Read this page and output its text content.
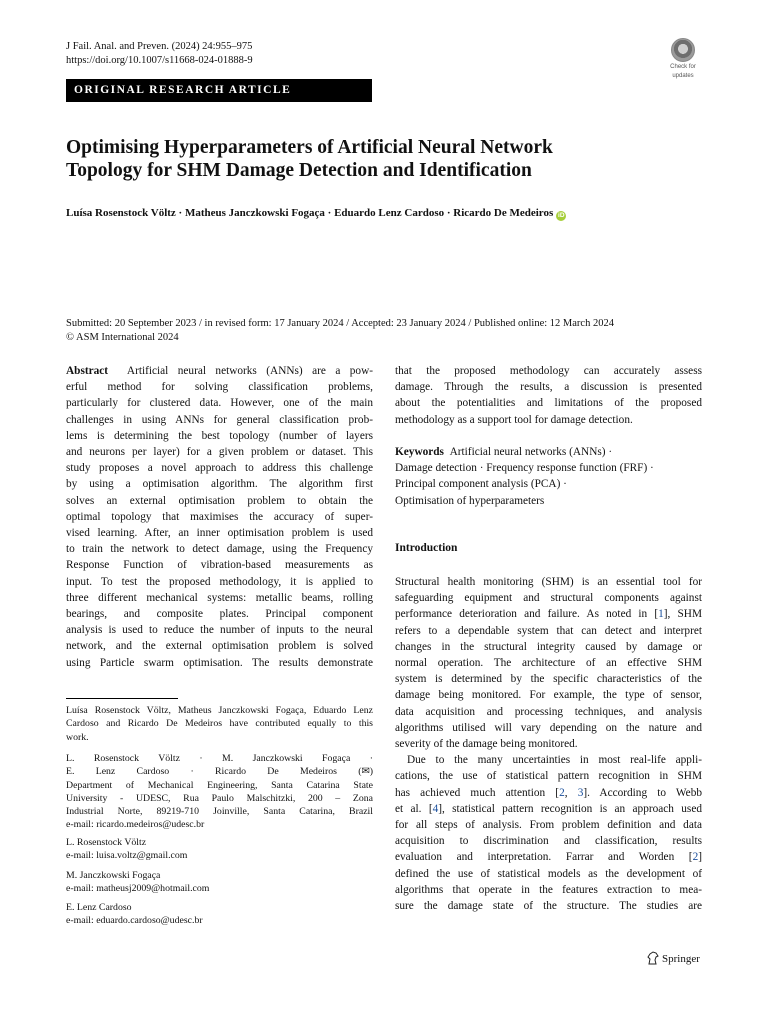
J Fail. Anal. and Preven. (2024) 24:955–975
https://doi.org/10.1007/s11668-024-01888-9
ORIGINAL RESEARCH ARTICLE
Check for
updates
Optimising Hyperparameters of Artificial Neural Network
Topology for SHM Damage Detection and Identification
Luísa Rosenstock Völtz · Matheus Janczkowski Fogaça · Eduardo Lenz Cardoso · Ricardo De Medeiros iD
Submitted: 20 September 2023 / in revised form: 17 January 2024 / Accepted: 23 January 2024 / Published online: 12 March 2024
© ASM International 2024
Abstract  Artificial neural networks (ANNs) are a pow-
erful method for solving classification problems,
particularly for clustered data. However, one of the main
challenges in using ANNs for general classification prob-
lems is determining the best topology (number of layers
and neurons per layer) for a given problem or dataset. This
study proposes a novel approach to address this challenge
by using a optimisation algorithm. The algorithm first
solves an external optimisation problem to obtain the
optimal topology that maximises the accuracy of super-
vised learning. After, an inner optimisation problem is used
to train the network to detect damage, using the Frequency
Response Function of vibration-based measurements as
input. To test the proposed methodology, it is applied to
three different mechanical systems: metallic beams, rolling
bearings, and composite plates. Principal component
analysis is used to reduce the number of inputs to the neural
network, and the external optimisation problem is solved
using Particle swarm optimisation. The results demonstrate
Luísa Rosenstock Völtz, Matheus Janczkowski Fogaça, Eduardo Lenz
Cardoso and Ricardo De Medeiros have contributed equally to this
work.
L. Rosenstock Völtz · M. Janczkowski Fogaça ·
E. Lenz Cardoso · Ricardo De Medeiros (✉)
Department of Mechanical Engineering, Santa Catarina State
University - UDESC, Rua Paulo Malschitzki, 200 – Zona
Industrial Norte, 89219-710 Joinville, Santa Catarina, Brazil
e-mail: ricardo.medeiros@udesc.br
L. Rosenstock Völtz
e-mail: luisa.voltz@gmail.com
M. Janczkowski Fogaça
e-mail: matheusj2009@hotmail.com
E. Lenz Cardoso
e-mail: eduardo.cardoso@udesc.br
that the proposed methodology can accurately assess
damage. Through the results, a discussion is presented
about the potentialities and limitations of the proposed
methodology as a support tool for damage detection.

Keywords Artificial neural networks (ANNs) ·

Damage detection · Frequency response function (FRF) ·

Principal component analysis (PCA) ·

Optimisation of hyperparameters

Introduction
Structural health monitoring (SHM) is an essential tool for
safeguarding equipment and structural components against
performance deterioration and failure. As noted in [1], SHM
refers to a dependable system that can detect and interpret
changes in the structural integrity caused by damage or
normal operation. The architecture of an effective SHM
system is determined by the specific characteristics of the
damage being monitored. For example, the type of sensor,
data acquisition and processing techniques, and analysis
algorithms utilised will vary depending on the nature and
severity of the damage being monitored.
Due to the many uncertainties in most real-life appli-
cations, the use of statistical pattern recognition in SHM
has achieved much attention [2, 3]. According to Webb
et al. [4], statistical pattern recognition is an approach used
for all steps of analysis. From problem definition and data
acquisition to discrimination and classification, results
evaluation and interpretation. Farrar and Worden [2]
defined the use of statistical models as the development of
algorithms that operate in the features extraction to mea-
sure the damage state of the structure. The studies are
Springer
